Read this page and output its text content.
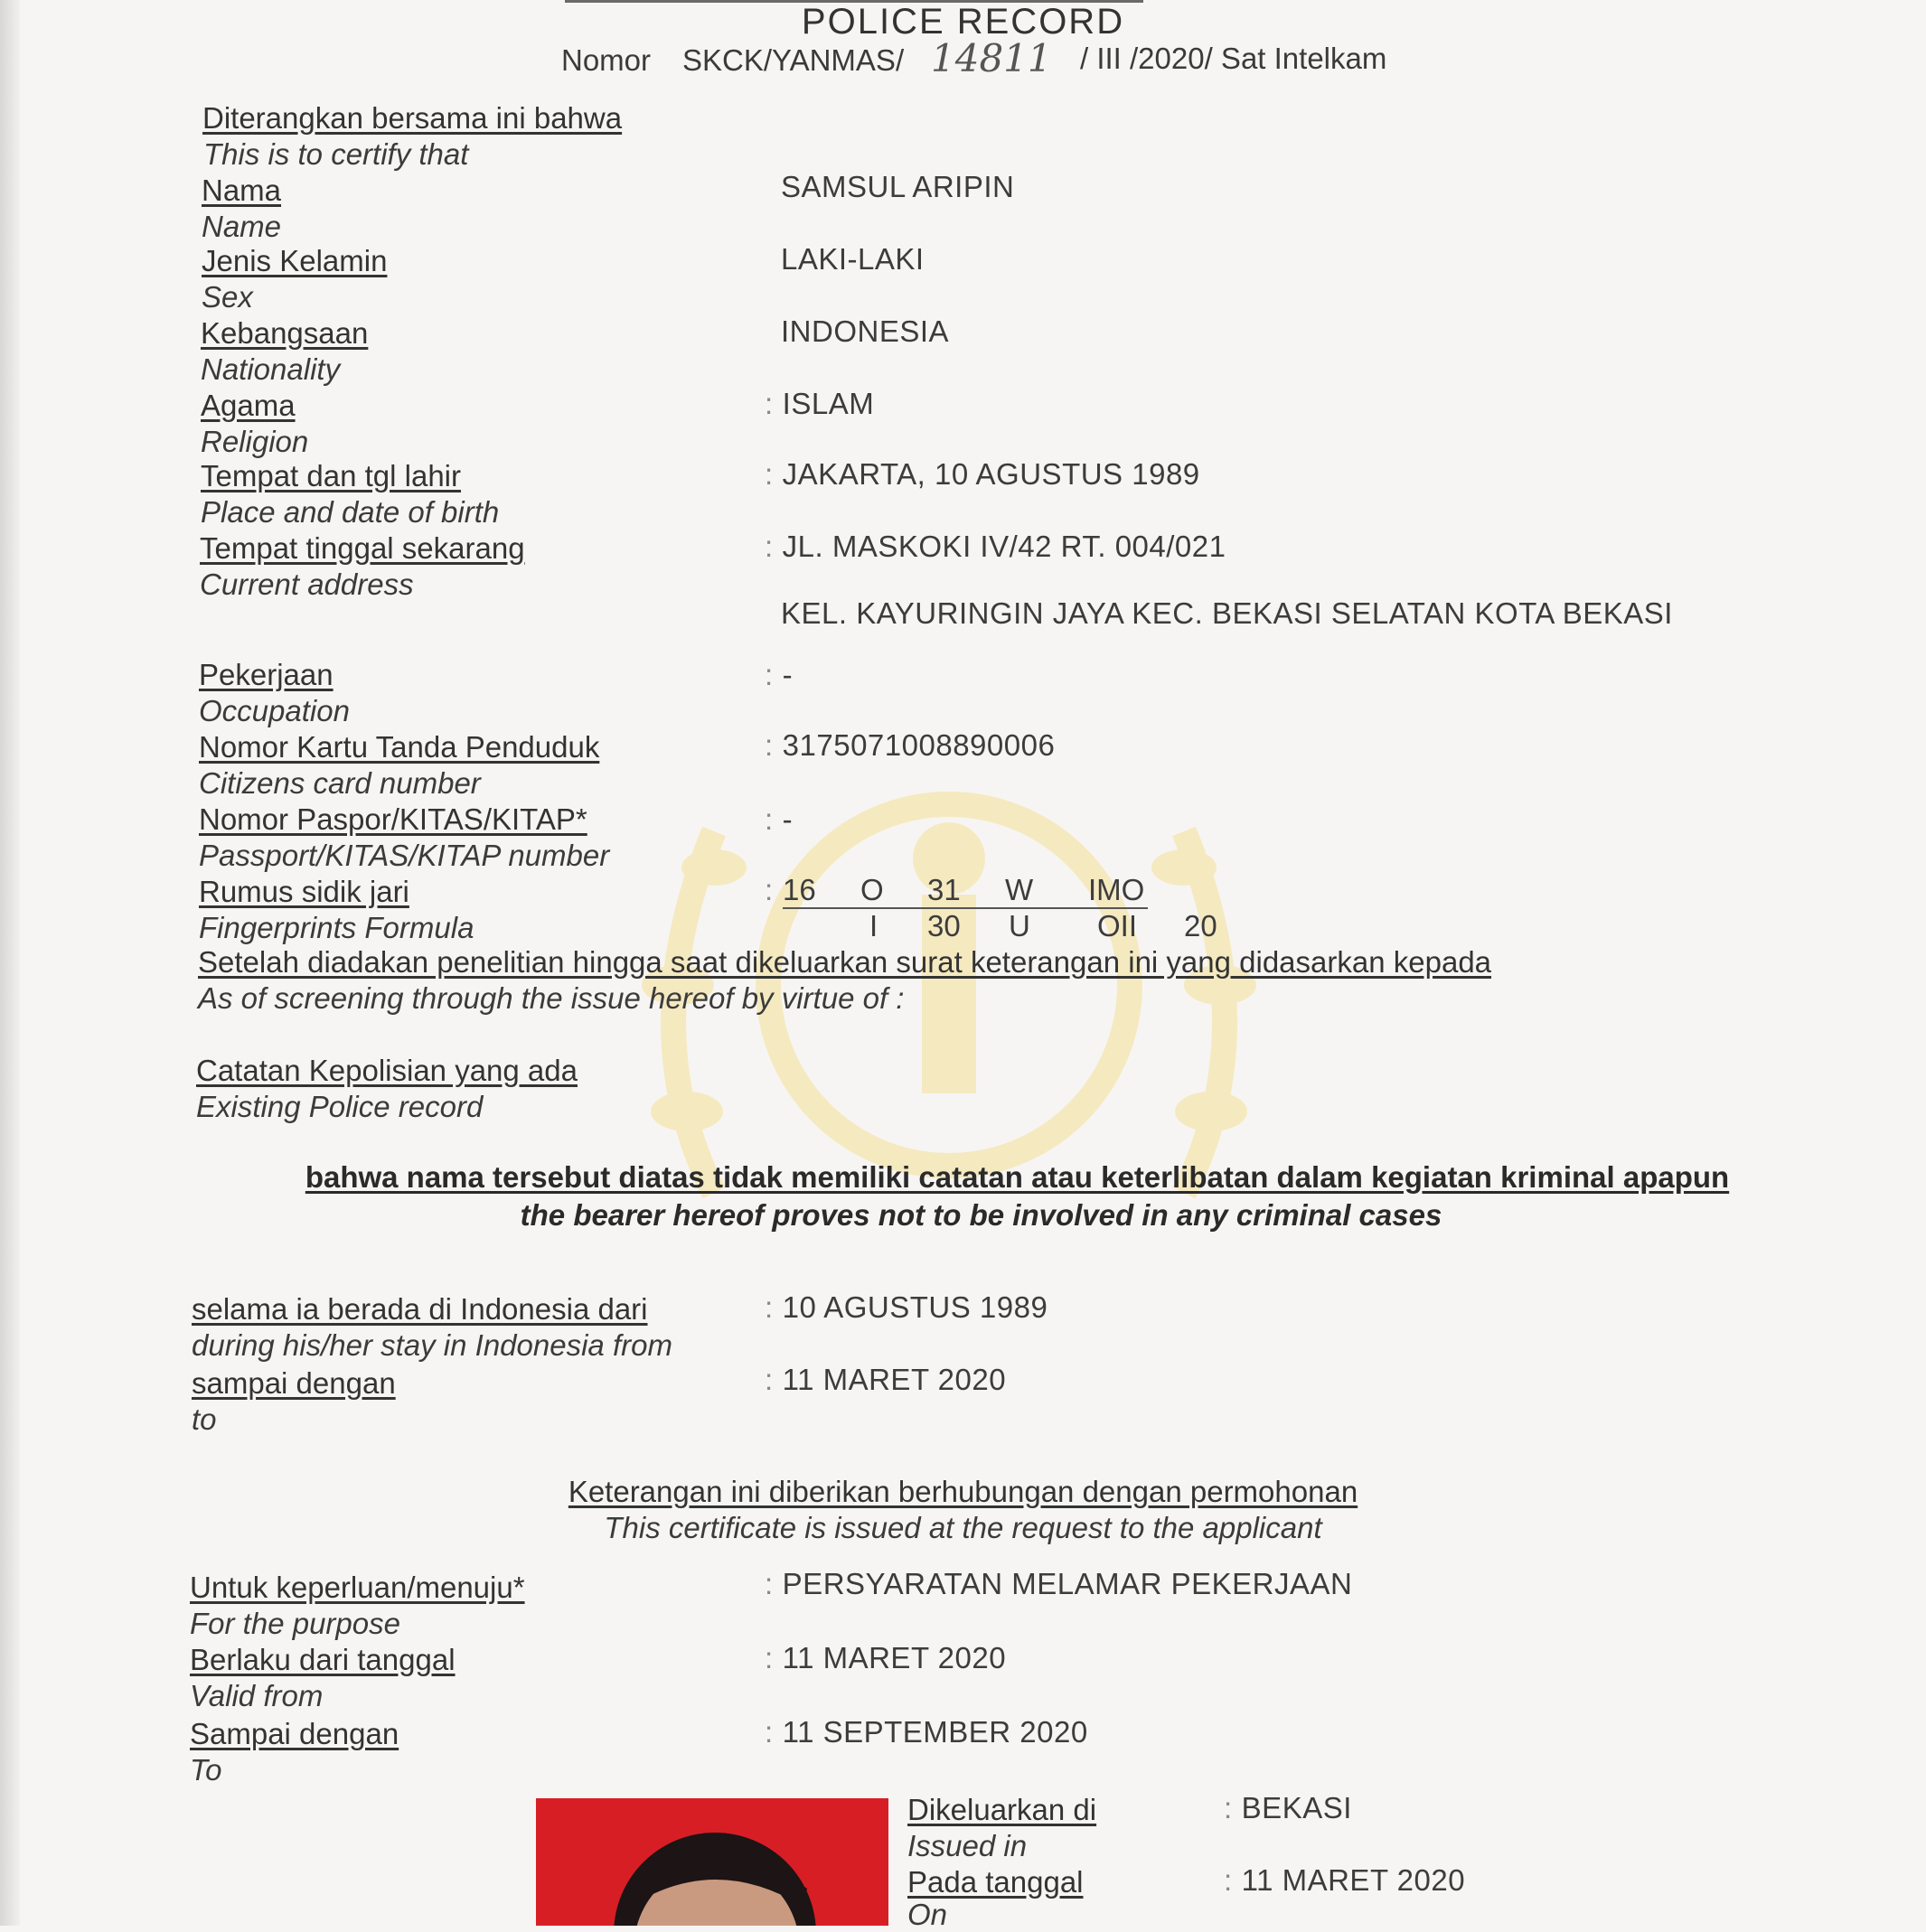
POLICE RECORD
Nomor SKCK/YANMAS/ 14811 / III /2020/ Sat Intelkam
Diterangkan bersama ini bahwa
This is to certify that
Nama
Name
SAMSUL ARIPIN
Jenis Kelamin
Sex
LAKI-LAKI
Kebangsaan
Nationality
INDONESIA
Agama
Religion
: ISLAM
Tempat dan tgl lahir
Place and date of birth
: JAKARTA, 10 AGUSTUS 1989
Tempat tinggal sekarang
Current address
: JL. MASKOKI IV/42 RT. 004/021
KEL. KAYURINGIN JAYA KEC. BEKASI SELATAN KOTA BEKASI
Pekerjaan
Occupation
: -
Nomor Kartu Tanda Penduduk
Citizens card number
: 3175071008890006
Nomor Paspor/KITAS/KITAP*
Passport/KITAS/KITAP number
: -
Rumus sidik jari
Fingerprints Formula
: 16 O 31 W IMO
I 30 U OII 20
Setelah diadakan penelitian hingga saat dikeluarkan surat keterangan ini yang didasarkan kepada
As of screening through the issue hereof by virtue of :
Catatan Kepolisian yang ada
Existing Police record
bahwa nama tersebut diatas tidak memiliki catatan atau keterlibatan dalam kegiatan kriminal apapun
the bearer hereof proves not to be involved in any criminal cases
selama ia berada di Indonesia dari
during his/her stay in Indonesia from
: 10 AGUSTUS 1989
sampai dengan
to
: 11 MARET 2020
Keterangan ini diberikan berhubungan dengan permohonan
This certificate is issued at the request to the applicant
Untuk keperluan/menuju*
For the purpose
: PERSYARATAN MELAMAR PEKERJAAN
Berlaku dari tanggal
Valid from
: 11 MARET 2020
Sampai dengan
To
: 11 SEPTEMBER 2020
Dikeluarkan di
Issued in
: BEKASI
Pada tanggal
On
: 11 MARET 2020
